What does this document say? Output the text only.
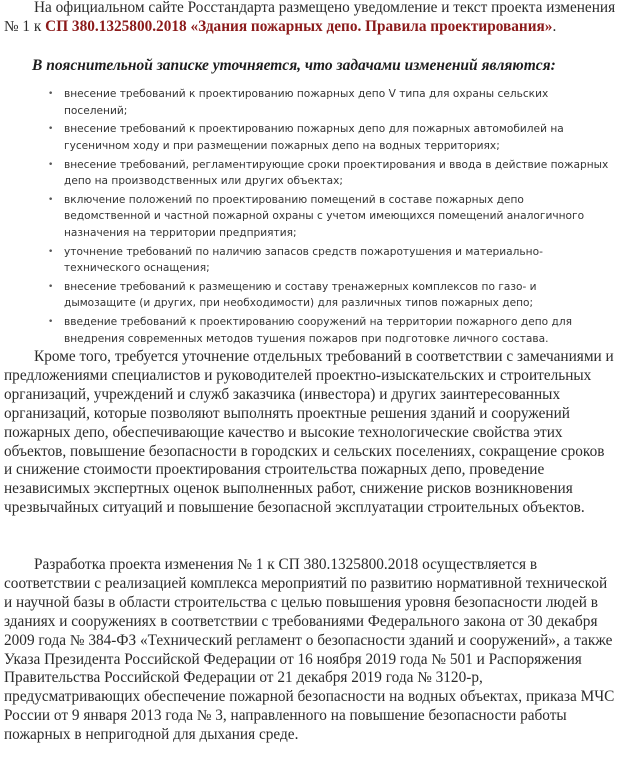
На официальном сайте Росстандарта размещено уведомление и текст проекта изменения № 1 к СП 380.1325800.2018 «Здания пожарных депо. Правила проектирования».

В пояснительной записке уточняется, что задачами изменений являются:
• внесение требований к проектированию пожарных депо V типа для охраны сельских поселений;
• внесение требований к проектированию пожарных депо для пожарных автомобилей на гусеничном ходу и при размещении пожарных депо на водных территориях;
• внесение требований, регламентирующие сроки проектирования и ввода в действие пожарных депо на производственных или других объектах;
• включение положений по проектированию помещений в составе пожарных депо ведомственной и частной пожарной охраны с учетом имеющихся помещений аналогичного назначения на территории предприятия;
• уточнение требований по наличию запасов средств пожаротушения и материально-технического оснащения;
• внесение требований к размещению и составу тренажерных комплексов по газо- и дымозащите (и других, при необходимости) для различных типов пожарных депо;
• введение требований к проектированию сооружений на территории пожарного депо для внедрения современных методов тушения пожаров при подготовке личного состава.

Кроме того, требуется уточнение отдельных требований в соответствии с замечаниями и предложениями специалистов и руководителей проектно-изыскательских и строительных организаций, учреждений и служб заказчика (инвестора) и других заинтересованных организаций, которые позволяют выполнять проектные решения зданий и сооружений пожарных депо, обеспечивающие качество и высокие технологические свойства этих объектов, повышение безопасности в городских и сельских поселениях, сокращение сроков и снижение стоимости проектирования строительства пожарных депо, проведение независимых экспертных оценок выполненных работ, снижение рисков возникновения чрезвычайных ситуаций и повышение безопасной эксплуатации строительных объектов.

Разработка проекта изменения № 1 к СП 380.1325800.2018 осуществляется в соответствии с реализацией комплекса мероприятий по развитию нормативной технической и научной базы в области строительства с целью повышения уровня безопасности людей в зданиях и сооружениях в соответствии с требованиями Федерального закона от 30 декабря 2009 года № 384-ФЗ «Технический регламент о безопасности зданий и сооружений», а также Указа Президента Российской Федерации от 16 ноября 2019 года № 501 и Распоряжения Правительства Российской Федерации от 21 декабря 2019 года № 3120-р, предусматривающих обеспечение пожарной безопасности на водных объектах, приказа МЧС России от 9 января 2013 года № 3, направленного на повышение безопасности работы пожарных в непригодной для дыхания среде.
